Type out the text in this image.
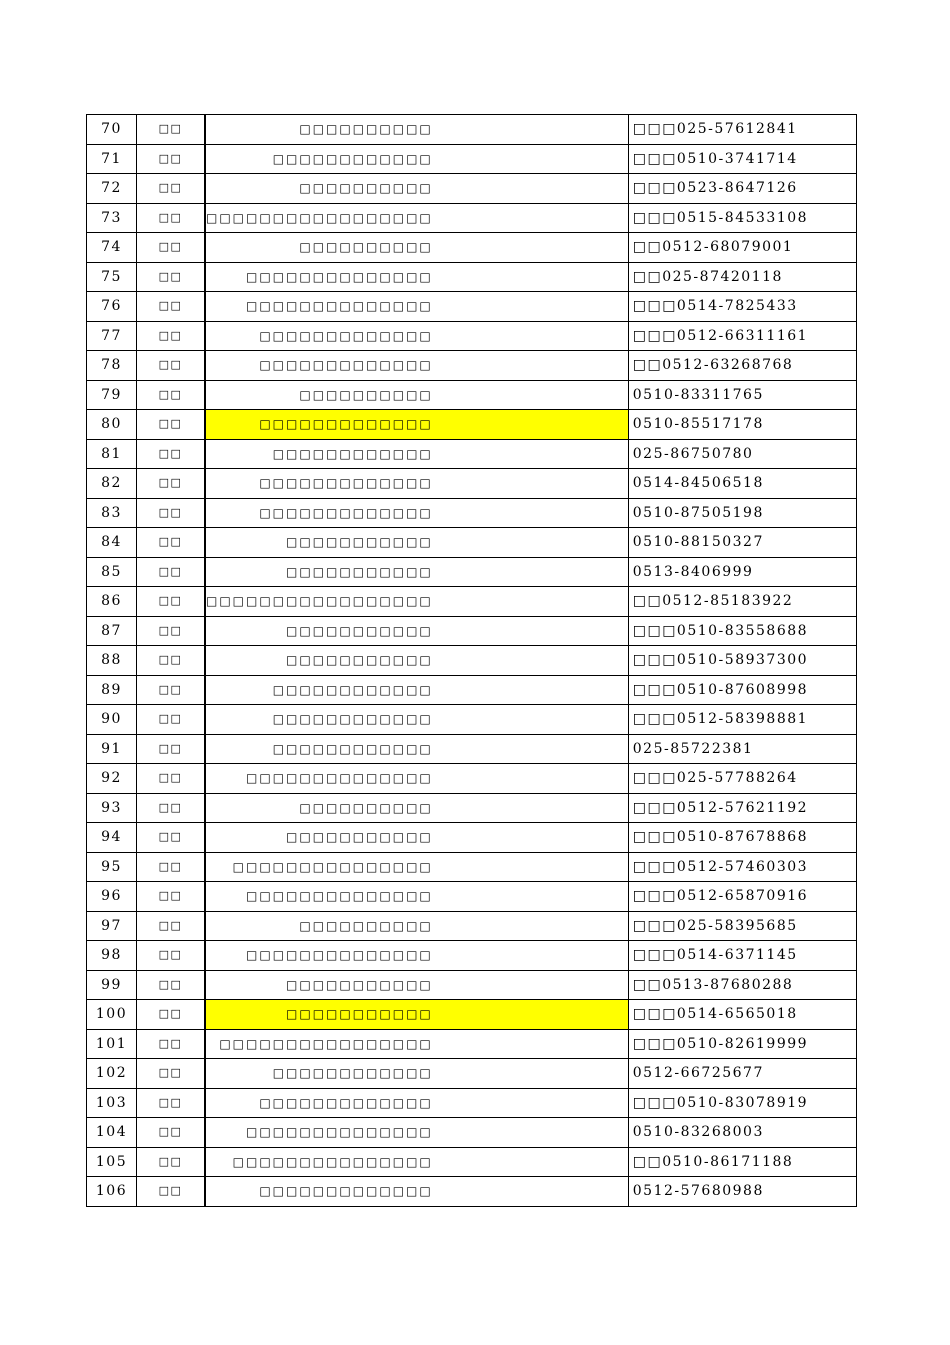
70	□□	□□□□□□□□□□	□□□025-57612841
71	□□	□□□□□□□□□□□□	□□□0510-3741714
72	□□	□□□□□□□□□□	□□□0523-8647126
73	□□	□□□□□□□□□□□□□□□□□	□□□0515-84533108
74	□□	□□□□□□□□□□	□□0512-68079001
75	□□	□□□□□□□□□□□□□□	□□025-87420118
76	□□	□□□□□□□□□□□□□□	□□□0514-7825433
77	□□	□□□□□□□□□□□□□	□□□0512-66311161
78	□□	□□□□□□□□□□□□□	□□0512-63268768
79	□□	□□□□□□□□□□	0510-83311765
80	□□	□□□□□□□□□□□□□	0510-85517178
81	□□	□□□□□□□□□□□□	025-86750780
82	□□	□□□□□□□□□□□□□	0514-84506518
83	□□	□□□□□□□□□□□□□	0510-87505198
84	□□	□□□□□□□□□□□	0510-88150327
85	□□	□□□□□□□□□□□	0513-8406999
86	□□	□□□□□□□□□□□□□□□□□	□□0512-85183922
87	□□	□□□□□□□□□□□	□□□0510-83558688
88	□□	□□□□□□□□□□□	□□□0510-58937300
89	□□	□□□□□□□□□□□□	□□□0510-87608998
90	□□	□□□□□□□□□□□□	□□□0512-58398881
91	□□	□□□□□□□□□□□□	025-85722381
92	□□	□□□□□□□□□□□□□□	□□□025-57788264
93	□□	□□□□□□□□□□	□□□0512-57621192
94	□□	□□□□□□□□□□□	□□□0510-87678868
95	□□	□□□□□□□□□□□□□□□	□□□0512-57460303
96	□□	□□□□□□□□□□□□□□	□□□0512-65870916
97	□□	□□□□□□□□□□	□□□025-58395685
98	□□	□□□□□□□□□□□□□□	□□□0514-6371145
99	□□	□□□□□□□□□□□	□□0513-87680288
100	□□	□□□□□□□□□□□	□□□0514-6565018
101	□□	□□□□□□□□□□□□□□□□	□□□0510-82619999
102	□□	□□□□□□□□□□□□	0512-66725677
103	□□	□□□□□□□□□□□□□	□□□0510-83078919
104	□□	□□□□□□□□□□□□□□	0510-83268003
105	□□	□□□□□□□□□□□□□□□	□□0510-86171188
106	□□	□□□□□□□□□□□□□	0512-57680988
